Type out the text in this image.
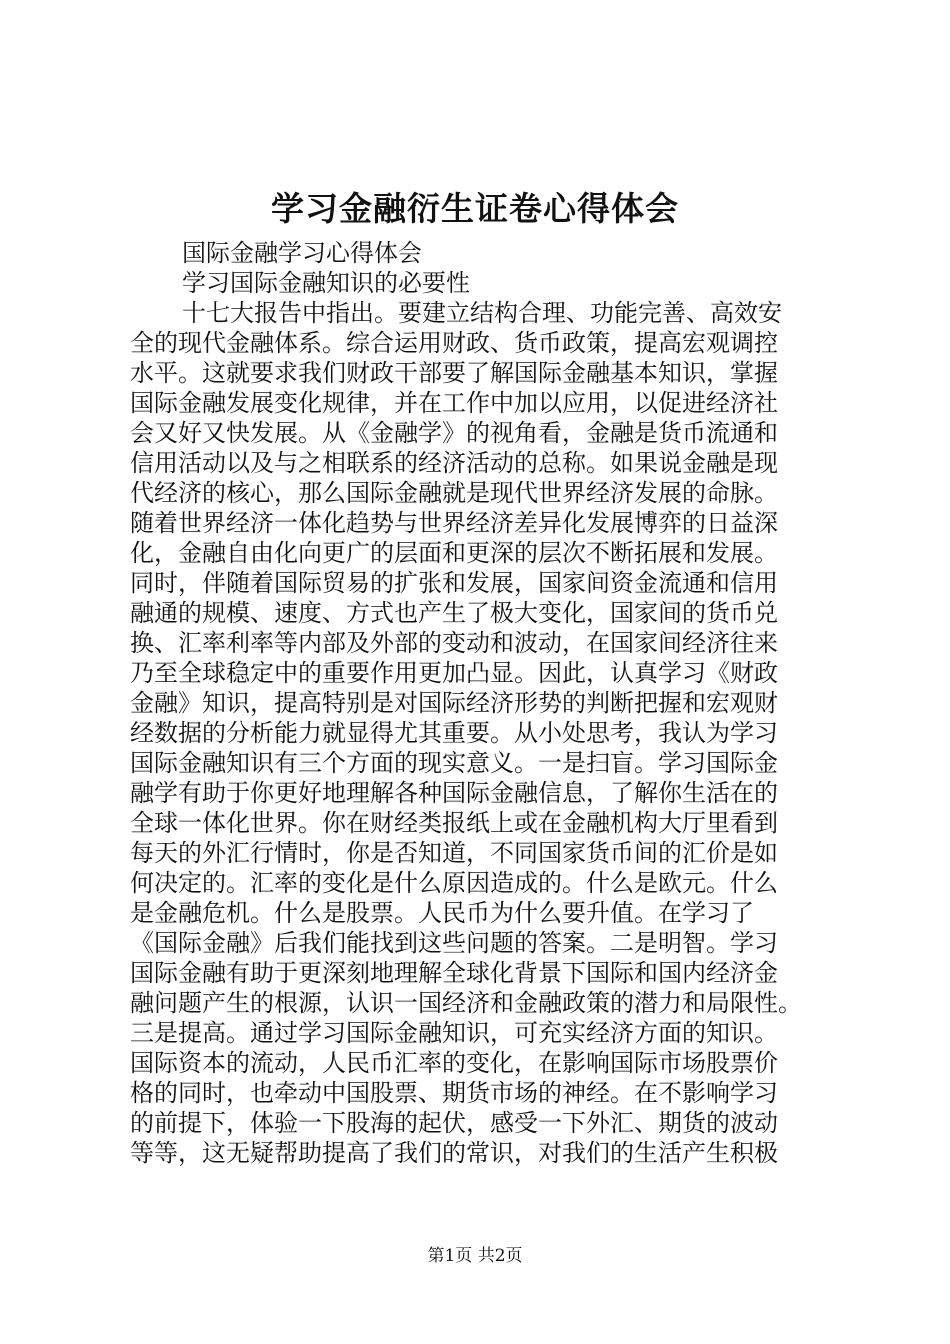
学习金融衍生证卷心得体会
国际金融学习心得体会
学习国际金融知识的必要性
十七大报告中指出。要建立结构合理、功能完善、高效安
全的现代金融体系。综合运用财政、货币政策，提高宏观调控
水平。这就要求我们财政干部要了解国际金融基本知识，掌握
国际金融发展变化规律，并在工作中加以应用，以促进经济社
会又好又快发展。从《金融学》的视角看，金融是货币流通和
信用活动以及与之相联系的经济活动的总称。如果说金融是现
代经济的核心，那么国际金融就是现代世界经济发展的命脉。
随着世界经济一体化趋势与世界经济差异化发展博弈的日益深
化，金融自由化向更广的层面和更深的层次不断拓展和发展。
同时，伴随着国际贸易的扩张和发展，国家间资金流通和信用
融通的规模、速度、方式也产生了极大变化，国家间的货币兑
换、汇率利率等内部及外部的变动和波动，在国家间经济往来
乃至全球稳定中的重要作用更加凸显。因此，认真学习《财政
金融》知识，提高特别是对国际经济形势的判断把握和宏观财
经数据的分析能力就显得尤其重要。从小处思考，我认为学习
国际金融知识有三个方面的现实意义。一是扫盲。学习国际金
融学有助于你更好地理解各种国际金融信息，了解你生活在的
全球一体化世界。你在财经类报纸上或在金融机构大厅里看到
每天的外汇行情时，你是否知道，不同国家货币间的汇价是如
何决定的。汇率的变化是什么原因造成的。什么是欧元。什么
是金融危机。什么是股票。人民币为什么要升值。在学习了
《国际金融》后我们能找到这些问题的答案。二是明智。学习
国际金融有助于更深刻地理解全球化背景下国际和国内经济金
融问题产生的根源，认识一国经济和金融政策的潜力和局限性。
三是提高。通过学习国际金融知识，可充实经济方面的知识。
国际资本的流动，人民币汇率的变化，在影响国际市场股票价
格的同时，也牵动中国股票、期货市场的神经。在不影响学习
的前提下，体验一下股海的起伏，感受一下外汇、期货的波动
等等，这无疑帮助提高了我们的常识，对我们的生活产生积极
第1页 共2页
